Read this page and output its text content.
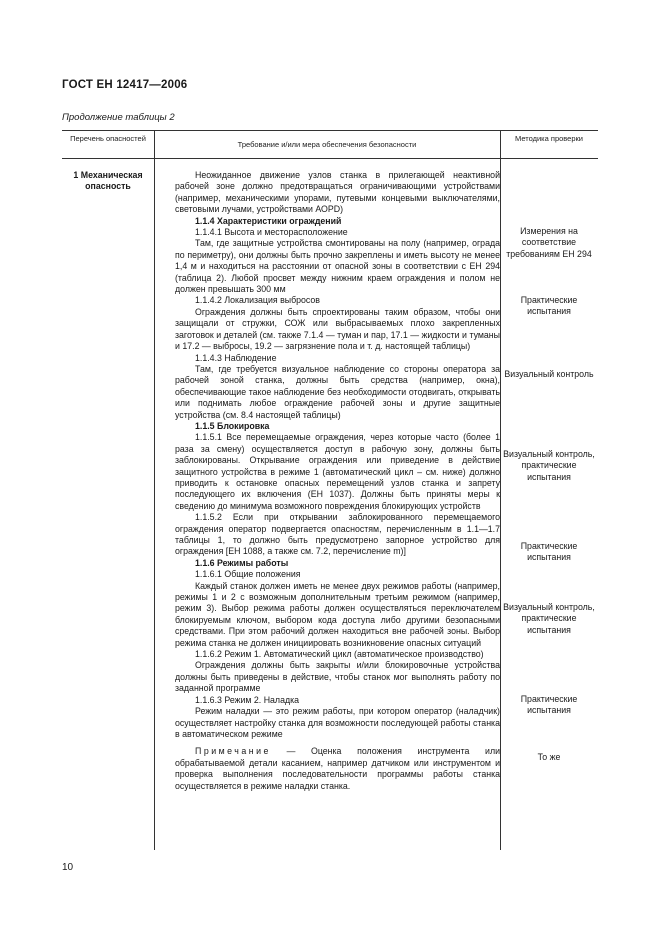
ГОСТ ЕН 12417—2006
Продолжение таблицы 2
Перечень опасностей
Требование и/или мера обеспечения безопасности
Методика проверки
1 Механическая опасность
Неожиданное движение узлов станка в прилегающей неактивной рабочей зоне должно предотвращаться ограничивающими устройствами (например, механическими упорами, путевыми концевыми выключателями, световыми лучами, устройствами АОРD)
1.1.4 Характеристики ограждений
1.1.4.1 Высота и месторасположение
Там, где защитные устройства смонтированы на полу (например, ограда по периметру), они должны быть прочно закреплены и иметь высоту не менее 1,4 м и находиться на расстоянии от опасной зоны в соответствии с ЕН 294 (таблица 2). Любой просвет между нижним краем ограждения и полом не должен превышать 300 мм
1.1.4.2 Локализация выбросов
Ограждения должны быть спроектированы таким образом, чтобы они защищали от стружки, СОЖ или выбрасываемых плохо закрепленных заготовок и деталей (см. также 7.1.4 — туман и пар, 17.1 — жидкости и туманы и 17.2 — выбросы, 19.2 — загрязнение пола и т. д. настоящей таблицы)
1.1.4.3 Наблюдение
Там, где требуется визуальное наблюдение со стороны оператора за рабочей зоной станка, должны быть средства (например, окна), обеспечивающие такое наблюдение без необходимости отодвигать, открывать или поднимать любое ограждение рабочей зоны и другие защитные устройства (см. 8.4 настоящей таблицы)
1.1.5 Блокировка
1.1.5.1 Все перемещаемые ограждения, через которые часто (более 1 раза за смену) осуществляется доступ в рабочую зону, должны быть заблокированы. Открывание ограждения или приведение в действие защитного устройства в режиме 1 (автоматический цикл – см. ниже) должно приводить к остановке опасных перемещений узлов станка и запрету последующего их включения (ЕН 1037). Должны быть приняты меры к сведению до минимума возможного повреждения блокирующих устройств
1.1.5.2 Если при открывании заблокированного перемещаемого ограждения оператор подвергается опасностям, перечисленным в 1.1—1.7 таблицы 1, то должно быть предусмотрено запорное устройство для ограждения [ЕН 1088, а также см. 7.2, перечисление m)]
1.1.6 Режимы работы
1.1.6.1 Общие положения
Каждый станок должен иметь не менее двух режимов работы (например, режимы 1 и 2 с возможным дополнительным третьим режимом (например, режим 3). Выбор режима работы должен осуществляться переключателем блокируемым ключом, выбором кода доступа либо другими безопасными средствами. При этом рабочий должен находиться вне рабочей зоны. Выбор режима станка не должен инициировать возникновение опасных ситуаций
1.1.6.2 Режим 1. Автоматический цикл (автоматическое производство)
Ограждения должны быть закрыты и/или блокировочные устройства должны быть приведены в действие, чтобы станок мог выполнять работу по заданной программе
1.1.6.3 Режим 2. Наладка
Режим наладки — это режим работы, при котором оператор (наладчик) осуществляет настройку станка для возможности последующей работы станка в автоматическом режиме
Примечание — Оценка положения инструмента или обрабатываемой детали касанием, например датчиком или инструментом и проверка выполнения последовательности программы работы станка осуществляется в режиме наладки станка.
Измерения на соответствие требованиям ЕН 294
Практические испытания
Визуальный контроль
Визуальный контроль, практические испытания
Практические испытания
Визуальный контроль, практические испытания
Практические испытания
То же
10
